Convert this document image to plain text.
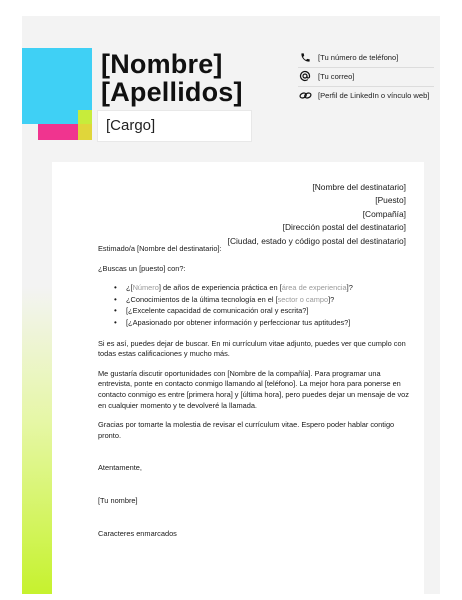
[Nombre]
[Apellidos]
[Cargo]
[Tu número de teléfono]
[Tu correo]
[Perfil de LinkedIn o vínculo web]
[Nombre del destinatario]
[Puesto]
[Compañía]
[Dirección postal del destinatario]
[Ciudad, estado y código postal del destinatario]

Estimado/a [Nombre del destinatario]:

¿Buscas un [puesto] con?:

• ¿[Número] de años de experiencia práctica en [área de experiencia]?
• ¿Conocimientos de la última tecnología en el [sector o campo]?
• [¿Excelente capacidad de comunicación oral y escrita?]
• [¿Apasionado por obtener información y perfeccionar tus aptitudes?]

Si es así, puedes dejar de buscar. En mi currículum vitae adjunto, puedes ver que cumplo con todas estas calificaciones y mucho más.

Me gustaría discutir oportunidades con [Nombre de la compañía]. Para programar una entrevista, ponte en contacto conmigo llamando al [teléfono]. La mejor hora para ponerse en contacto conmigo es entre [primera hora] y [última hora], pero puedes dejar un mensaje de voz en cualquier momento y te devolveré la llamada.

Gracias por tomarte la molestia de revisar el currículum vitae. Espero poder hablar contigo pronto.

Atentamente,

[Tu nombre]

Caracteres enmarcados
